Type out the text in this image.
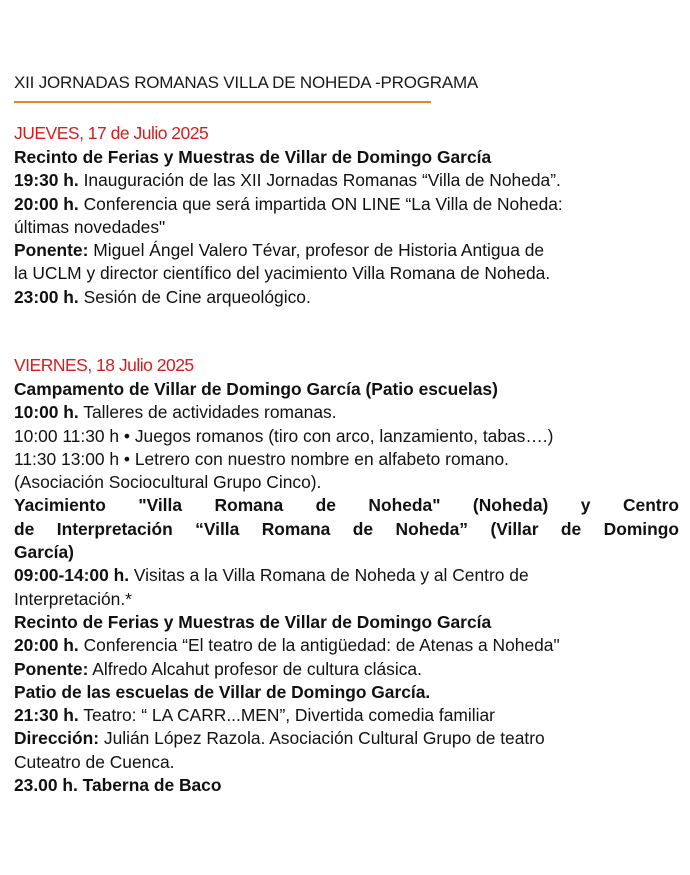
XII JORNADAS ROMANAS VILLA DE NOHEDA -PROGRAMA
JUEVES, 17 de Julio 2025
Recinto de Ferias y Muestras de Villar de Domingo García
19:30 h. Inauguración de las XII Jornadas Romanas “Villa de Noheda”.
20:00 h. Conferencia que será impartida ON LINE “La Villa de Noheda:
últimas novedades"
Ponente: Miguel Ángel Valero Tévar, profesor de Historia Antigua de
la UCLM y director científico del yacimiento Villa Romana de Noheda.
23:00 h. Sesión de Cine arqueológico.
VIERNES, 18 Julio 2025
Campamento de Villar de Domingo García (Patio escuelas)
10:00 h. Talleres de actividades romanas.
10:00 11:30 h • Juegos romanos (tiro con arco, lanzamiento, tabas….)
11:30 13:00 h • Letrero con nuestro nombre en alfabeto romano.
(Asociación Sociocultural Grupo Cinco).
Yacimiento "Villa Romana de Noheda" (Noheda) y Centro
de Interpretación “Villa Romana de Noheda” (Villar de Domingo
García)
09:00-14:00 h. Visitas a la Villa Romana de Noheda y al Centro de
Interpretación.*
Recinto de Ferias y Muestras de Villar de Domingo García
20:00 h. Conferencia “El teatro de la antigüedad: de Atenas a Noheda"
Ponente: Alfredo Alcahut profesor de cultura clásica.
Patio de las escuelas de Villar de Domingo García.
21:30 h. Teatro: “ LA CARR...MEN”, Divertida comedia familiar
Dirección: Julián López Razola. Asociación Cultural Grupo de teatro
Cuteatro de Cuenca.
23.00 h. Taberna de Baco
